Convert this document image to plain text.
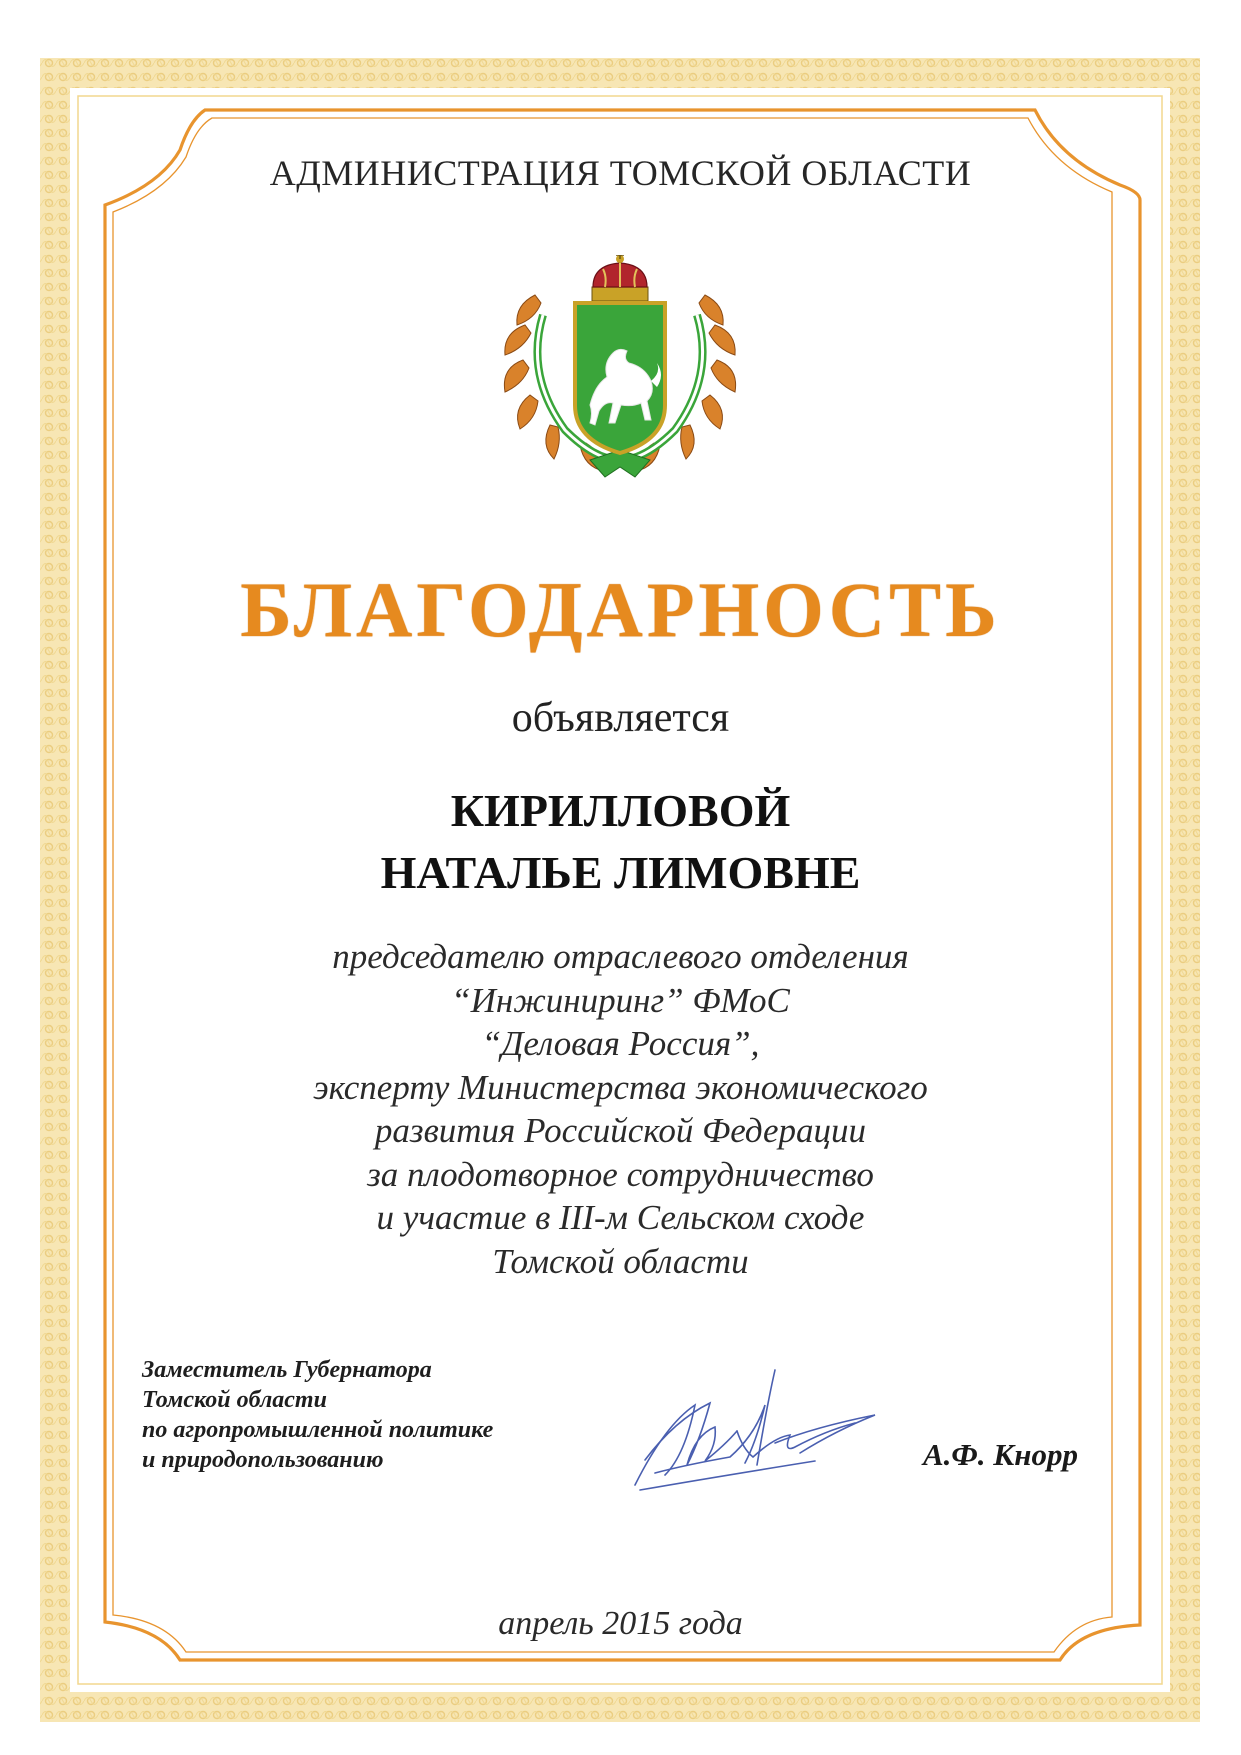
АДМИНИСТРАЦИЯ ТОМСКОЙ ОБЛАСТИ

БЛАГОДАРНОСТЬ

объявляется

КИРИЛЛОВОЙ

НАТАЛЬЕ ЛИМОВНЕ

председателю отраслевого отделения
“Инжиниринг” ФМоС
“Деловая Россия”,
эксперту Министерства экономического
развития Российской Федерации
за плодотворное сотрудничество
и участие в III-м Сельском сходе
Томской области
Заместитель Губернатора
Томской области
по агропромышленной политике
и природопользованию	А.Ф. Кнорр

апрель 2015 года
